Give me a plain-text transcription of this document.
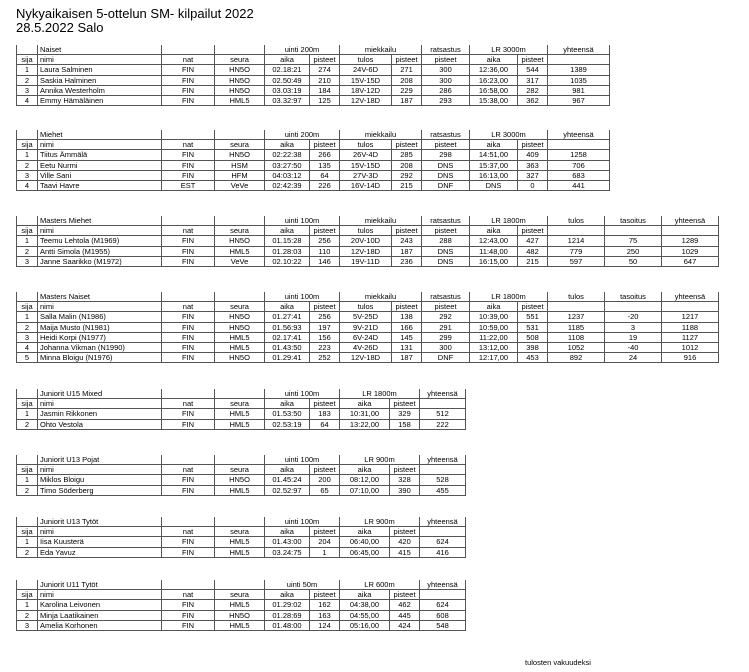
Nykyaikaisen 5-ottelun SM- kilpailut 2022
28.5.2022 Salo
	Naiset			uinti 200m		miekkailu		ratsastus	LR 3000m		yhteensä
sija	nimi	nat	seura	aika	pisteet	tulos	pisteet	pisteet	aika	pisteet	
1	Laura Salminen	FIN	HN5O	02.18:21	274	24V-6D	271	300	12:36,00	544	1389
2	Saskia Halminen	FIN	HN5O	02.50:49	210	15V-15D	208	300	16:23,00	317	1035
3	Annika Westerholm	FIN	HN5O	03.03:19	184	18V-12D	229	286	16:58,00	282	981
4	Emmy Hämäläinen	FIN	HML5	03.32:97	125	12V-18D	187	293	15:38,00	362	967
	Miehet			uinti 200m		miekkailu		ratsastus	LR 3000m		yhteensä
sija	nimi	nat	seura	aika	pisteet	tulos	pisteet	pisteet	aika	pisteet	
1	Tiitus Ämmälä	FIN	HN5O	02:22:38	266	26V-4D	285	298	14:51,00	409	1258
2	Eetu Nurmi	FIN	HSM	03:27:50	135	15V-15D	208	DNS	15:37,00	363	706
3	Ville Sani	FIN	HFM	04:03:12	64	27V-3D	292	DNS	16:13,00	327	683
4	Taavi Havre	EST	VeVe	02:42:39	226	16V-14D	215	DNF	DNS	0	441
	Masters Miehet			uinti 100m		miekkailu		ratsastus	LR 1800m		tulos	tasoitus	yhteensä
sija	nimi	nat	seura	aika	pisteet	tulos	pisteet	pisteet	aika	pisteet			
1	Teemu Lehtola (M1969)	FIN	HN5O	01.15:28	256	20V-10D	243	288	12:43,00	427	1214	75	1289
2	Antti Simola (M1955)	FIN	HML5	01.28:03	110	12V-18D	187	DNS	11:48,00	482	779	250	1029
3	Janne Saarikko (M1972)	FIN	VeVe	02.10:22	146	19V-11D	236	DNS	16:15,00	215	597	50	647
	Masters Naiset			uinti 100m		miekkailu		ratsastus	LR 1800m		tulos	tasoitus	yhteensä
sija	nimi	nat	seura	aika	pisteet	tulos	pisteet	pisteet	aika	pisteet			
1	Salla Malin (N1986)	FIN	HN5O	01.27:41	256	5V-25D	138	292	10:39,00	551	1237	-20	1217
2	Maija Musto (N1981)	FIN	HN5O	01.56:93	197	9V-21D	166	291	10:59,00	531	1185	3	1188
3	Heidi Korpi (N1977)	FIN	HML5	02.17:41	156	6V-24D	145	299	11:22,00	508	1108	19	1127
4	Johanna Vikman (N1990)	FIN	HML5	01.43:50	223	4V-26D	131	300	13:12,00	398	1052	-40	1012
5	Minna Bloigu (N1976)	FIN	HN5O	01.29:41	252	12V-18D	187	DNF	12:17,00	453	892	24	916
	Juniorit U15 Mixed			uinti 100m		LR 1800m		yhteensä
sija	nimi	nat	seura	aika	pisteet	aika	pisteet	
1	Jasmin Rikkonen	FIN	HML5	01.53:50	183	10:31,00	329	512
2	Ohto Vestola	FIN	HML5	02.53:19	64	13:22,00	158	222
	Juniorit U13 Pojat			uinti 100m		LR 900m		yhteensä
sija	nimi	nat	seura	aika	pisteet	aika	pisteet	
1	Miklos Bloigu	FIN	HN5O	01.45:24	200	08:12,00	328	528
2	Timo Söderberg	FIN	HML5	02.52:97	65	07:10,00	390	455
	Juniorit U13 Tytöt			uinti 100m		LR 900m		yhteensä
sija	nimi	nat	seura	aika	pisteet	aika	pisteet	
1	Iisa Kuusterä	FIN	HML5	01.43:00	204	06:40,00	420	624
2	Eda Yavuz	FIN	HML5	03.24:75	1	06:45,00	415	416
	Juniorit U11 Tytöt			uinti 50m		LR 600m		yhteensä
sija	nimi	nat	seura	aika	pisteet	aika	pisteet	
1	Karolina Leivonen	FIN	HML5	01.29:02	162	04:38,00	462	624
2	Minja Laatikainen	FIN	HN5O	01.28:69	163	04:55,00	445	608
3	Amelia Korhonen	FIN	HML5	01.48:00	124	05:16,00	424	548
tulosten vakuudeksi
